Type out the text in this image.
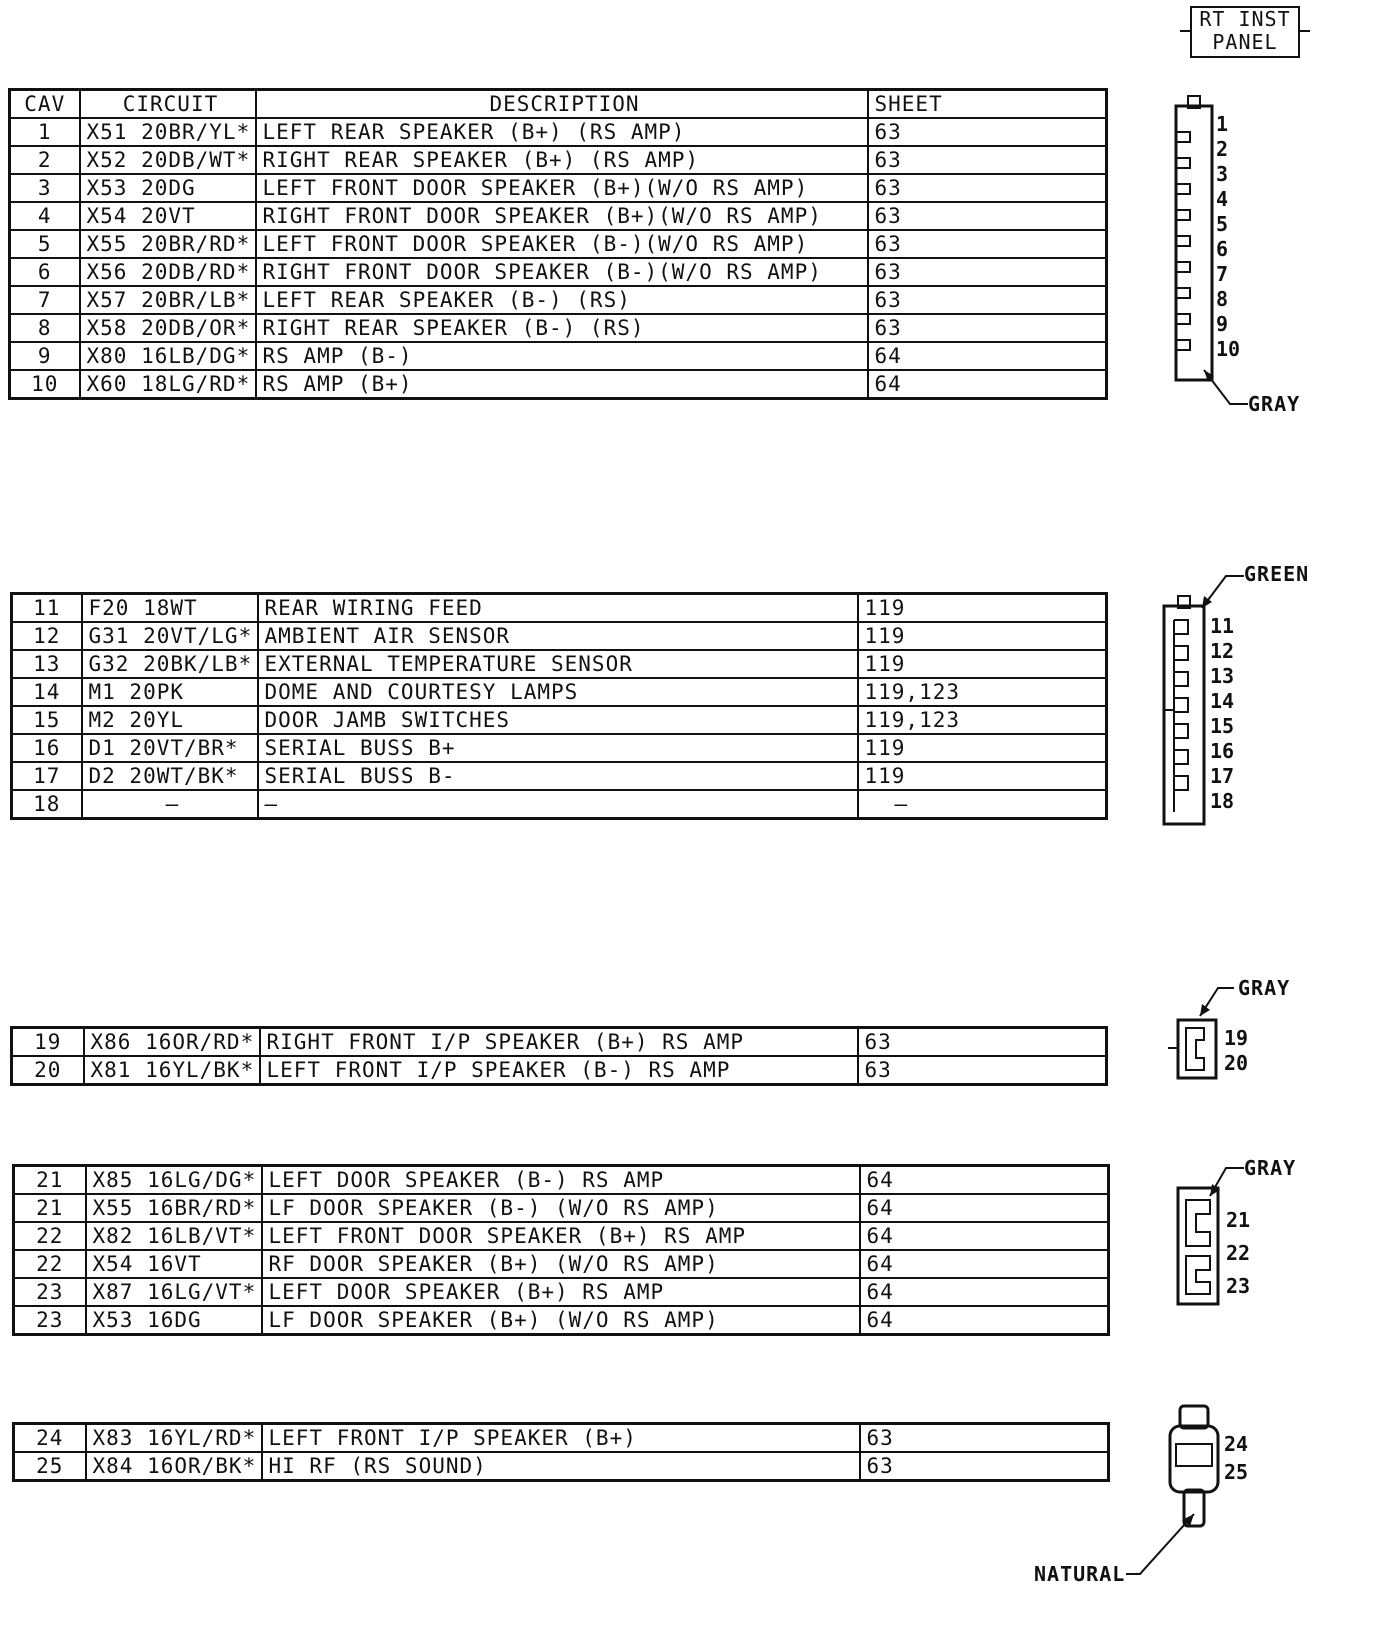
RT INST
PANEL
CAV	CIRCUIT	DESCRIPTION	SHEET
1	X51 20BR/YL*	LEFT REAR SPEAKER (B+) (RS AMP)	63
2	X52 20DB/WT*	RIGHT REAR SPEAKER (B+) (RS AMP)	63
3	X53 20DG	LEFT FRONT DOOR SPEAKER (B+)(W/O RS AMP)	63
4	X54 20VT	RIGHT FRONT DOOR SPEAKER (B+)(W/O RS AMP)	63
5	X55 20BR/RD*	LEFT FRONT DOOR SPEAKER (B-)(W/O RS AMP)	63
6	X56 20DB/RD*	RIGHT FRONT DOOR SPEAKER (B-)(W/O RS AMP)	63
7	X57 20BR/LB*	LEFT REAR SPEAKER (B-) (RS)	63
8	X58 20DB/OR*	RIGHT REAR SPEAKER (B-) (RS)	63
9	X80 16LB/DG*	RS AMP (B-)	64
10	X60 18LG/RD*	RS AMP (B+)	64
1
2
3
4
5
6
7
8
9
10
GRAY
11	F20 18WT	REAR WIRING FEED	119
12	G31 20VT/LG*	AMBIENT AIR SENSOR	119
13	G32 20BK/LB*	EXTERNAL TEMPERATURE SENSOR	119
14	M1 20PK	DOME AND COURTESY LAMPS	119,123
15	M2 20YL	DOOR JAMB SWITCHES	119,123
16	D1 20VT/BR*	SERIAL BUSS B+	119
17	D2 20WT/BK*	SERIAL BUSS B-	119
18	—	—	—
11
12
13
14
15
16
17
18
GREEN
19	X86 16OR/RD*	RIGHT FRONT I/P SPEAKER (B+) RS AMP	63
20	X81 16YL/BK*	LEFT FRONT I/P SPEAKER (B-) RS AMP	63
19
20
GRAY
21	X85 16LG/DG*	LEFT DOOR SPEAKER (B-) RS AMP	64
21	X55 16BR/RD*	LF DOOR SPEAKER (B-) (W/O RS AMP)	64
22	X82 16LB/VT*	LEFT FRONT DOOR SPEAKER (B+) RS AMP	64
22	X54 16VT	RF DOOR SPEAKER (B+) (W/O RS AMP)	64
23	X87 16LG/VT*	LEFT DOOR SPEAKER (B+) RS AMP	64
23	X53 16DG	LF DOOR SPEAKER (B+) (W/O RS AMP)	64
21
22
23
GRAY
24	X83 16YL/RD*	LEFT FRONT I/P SPEAKER (B+)	63
25	X84 16OR/BK*	HI RF (RS SOUND)	63
24
25
NATURAL
